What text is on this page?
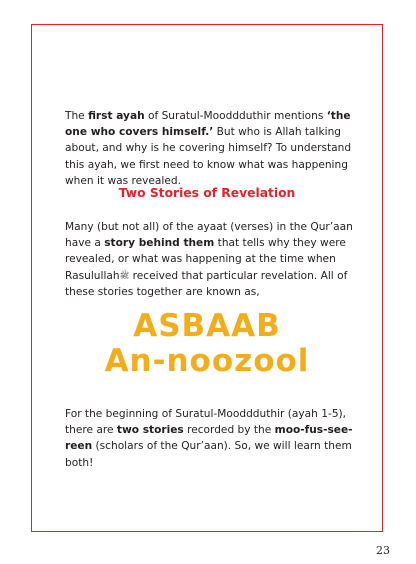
The first ayah of Suratul-Mooddduthir mentions ‘the one who covers himself.’ But who is Allah talking about, and why is he covering himself? To understand this ayah, we first need to know what was happening when it was revealed.

Two Stories of Revelation

Many (but not all) of the ayaat (verses) in the Qur’aan have a story behind them that tells why they were revealed, or what was happening at the time when Rasulullahﷺ received that particular revelation. All of these stories together are known as,

ASBAAB

An-noozool

For the beginning of Suratul-Mooddduthir (ayah 1-5), there are two stories recorded by the moo-fus-see-reen (scholars of the Qur’aan). So, we will learn them both!

23
